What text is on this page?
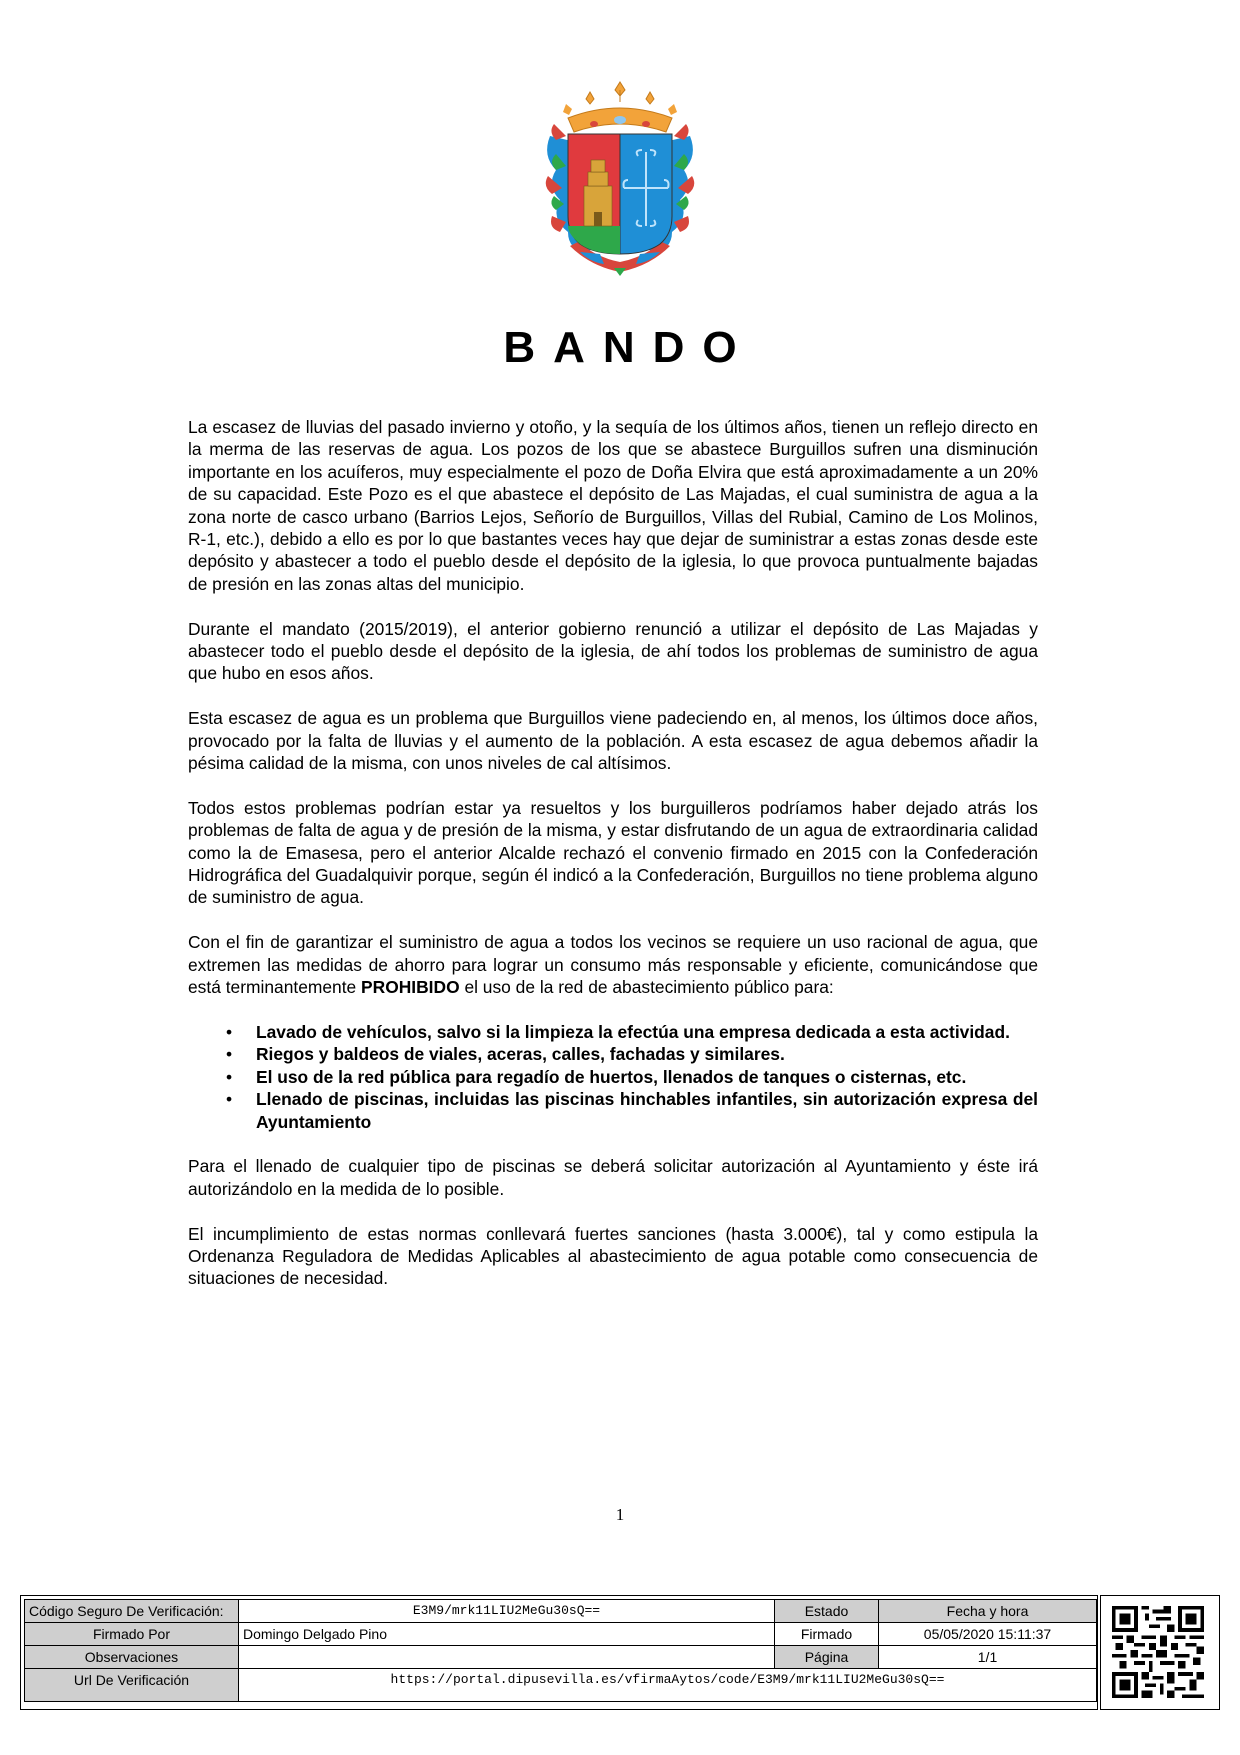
BANDO

La escasez de lluvias del pasado invierno y otoño, y la sequía de los últimos años, tienen un reflejo directo en la merma de las reservas de agua. Los pozos de los que se abastece Burguillos sufren una disminución importante en los acuíferos, muy especialmente el pozo de Doña Elvira que está aproximadamente a un 20% de su capacidad. Este Pozo es el que abastece el depósito de Las Majadas, el cual suministra de agua a la zona norte de casco urbano (Barrios Lejos, Señorío de Burguillos, Villas del Rubial, Camino de Los Molinos, R-1, etc.), debido a ello es por lo que bastantes veces hay que dejar de suministrar a estas zonas desde este depósito y abastecer a todo el pueblo desde el depósito de la iglesia, lo que provoca puntualmente bajadas de presión en las zonas altas del municipio.

Durante el mandato (2015/2019), el anterior gobierno renunció a utilizar el depósito de Las Majadas y abastecer todo el pueblo desde el depósito de la iglesia, de ahí todos los problemas de suministro de agua que hubo en esos años.

Esta escasez de agua es un problema que Burguillos viene padeciendo en, al menos, los últimos doce años, provocado por la falta de lluvias y el aumento de la población. A esta escasez de agua debemos añadir la pésima calidad de la misma, con unos niveles de cal altísimos.

Todos estos problemas podrían estar ya resueltos y los burguilleros podríamos haber dejado atrás los problemas de falta de agua y de presión de la misma, y estar disfrutando de un agua de extraordinaria calidad como la de Emasesa, pero el anterior Alcalde rechazó el convenio firmado en 2015 con la Confederación Hidrográfica del Guadalquivir porque, según él indicó a la Confederación, Burguillos no tiene problema alguno de suministro de agua.

Con el fin de garantizar el suministro de agua a todos los vecinos se requiere un uso racional de agua, que extremen las medidas de ahorro para lograr un consumo más responsable y eficiente, comunicándose que está terminantemente PROHIBIDO el uso de la red de abastecimiento público para:

• Lavado de vehículos, salvo si la limpieza la efectúa una empresa dedicada a esta actividad.
• Riegos y baldeos de viales, aceras, calles, fachadas y similares.
• El uso de la red pública para regadío de huertos, llenados de tanques o cisternas, etc.
• Llenado de piscinas, incluidas las piscinas hinchables infantiles, sin autorización expresa del Ayuntamiento

Para el llenado de cualquier tipo de piscinas se deberá solicitar autorización al Ayuntamiento y éste irá autorizándolo en la medida de lo posible.

El incumplimiento de estas normas conllevará fuertes sanciones (hasta 3.000€), tal y como estipula la Ordenanza Reguladora de Medidas Aplicables al abastecimiento de agua potable como consecuencia de situaciones de necesidad.

1
Código Seguro De Verificación:	E3M9/mrk11LIU2MeGu30sQ==	Estado	Fecha y hora
Firmado Por	Domingo Delgado Pino	Firmado	05/05/2020 15:11:37
Observaciones		Página	1/1
Url De Verificación	https://portal.dipusevilla.es/vfirmaAytos/code/E3M9/mrk11LIU2MeGu30sQ==		
